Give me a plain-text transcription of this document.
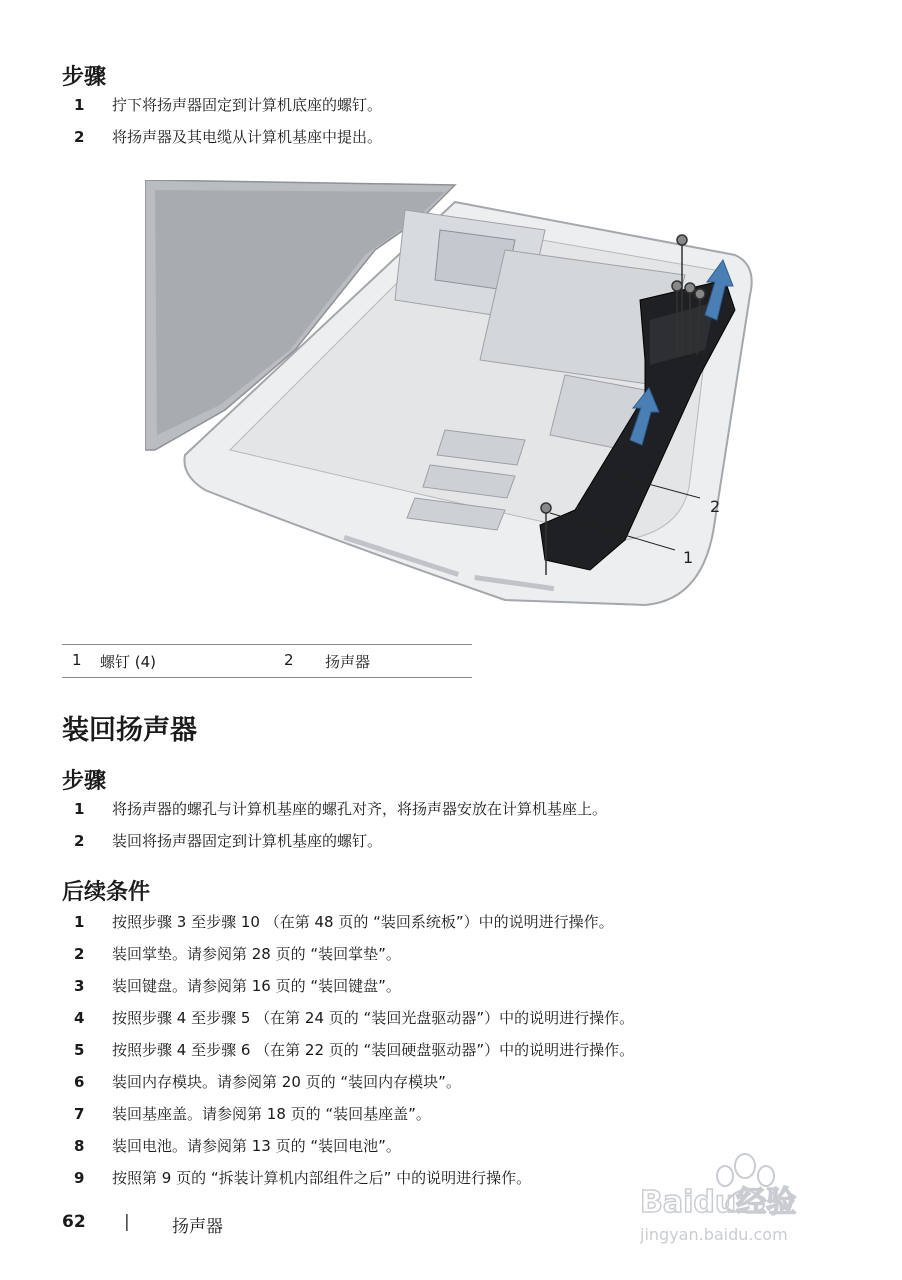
步骤
1	拧下将扬声器固定到计算机底座的螺钉。
2	将扬声器及其电缆从计算机基座中提出。
2
1
1 螺钉 (4)	2 扬声器
装回扬声器
步骤
1	将扬声器的螺孔与计算机基座的螺孔对齐，将扬声器安放在计算机基座上。
2	装回将扬声器固定到计算机基座的螺钉。
后续条件
1	按照步骤 3 至步骤 10 （在第 48 页的 “装回系统板”）中的说明进行操作。
2	装回掌垫。请参阅第 28 页的 “装回掌垫”。
3	装回键盘。请参阅第 16 页的 “装回键盘”。
4	按照步骤 4 至步骤 5 （在第 24 页的 “装回光盘驱动器”）中的说明进行操作。
5	按照步骤 4 至步骤 6 （在第 22 页的 “装回硬盘驱动器”）中的说明进行操作。
6	装回内存模块。请参阅第 20 页的 “装回内存模块”。
7	装回基座盖。请参阅第 18 页的 “装回基座盖”。
8	装回电池。请参阅第 13 页的 “装回电池”。
9	按照第 9 页的 “拆装计算机内部组件之后” 中的说明进行操作。
62 | 扬声器
Baidu经验
jingyan.baidu.com
